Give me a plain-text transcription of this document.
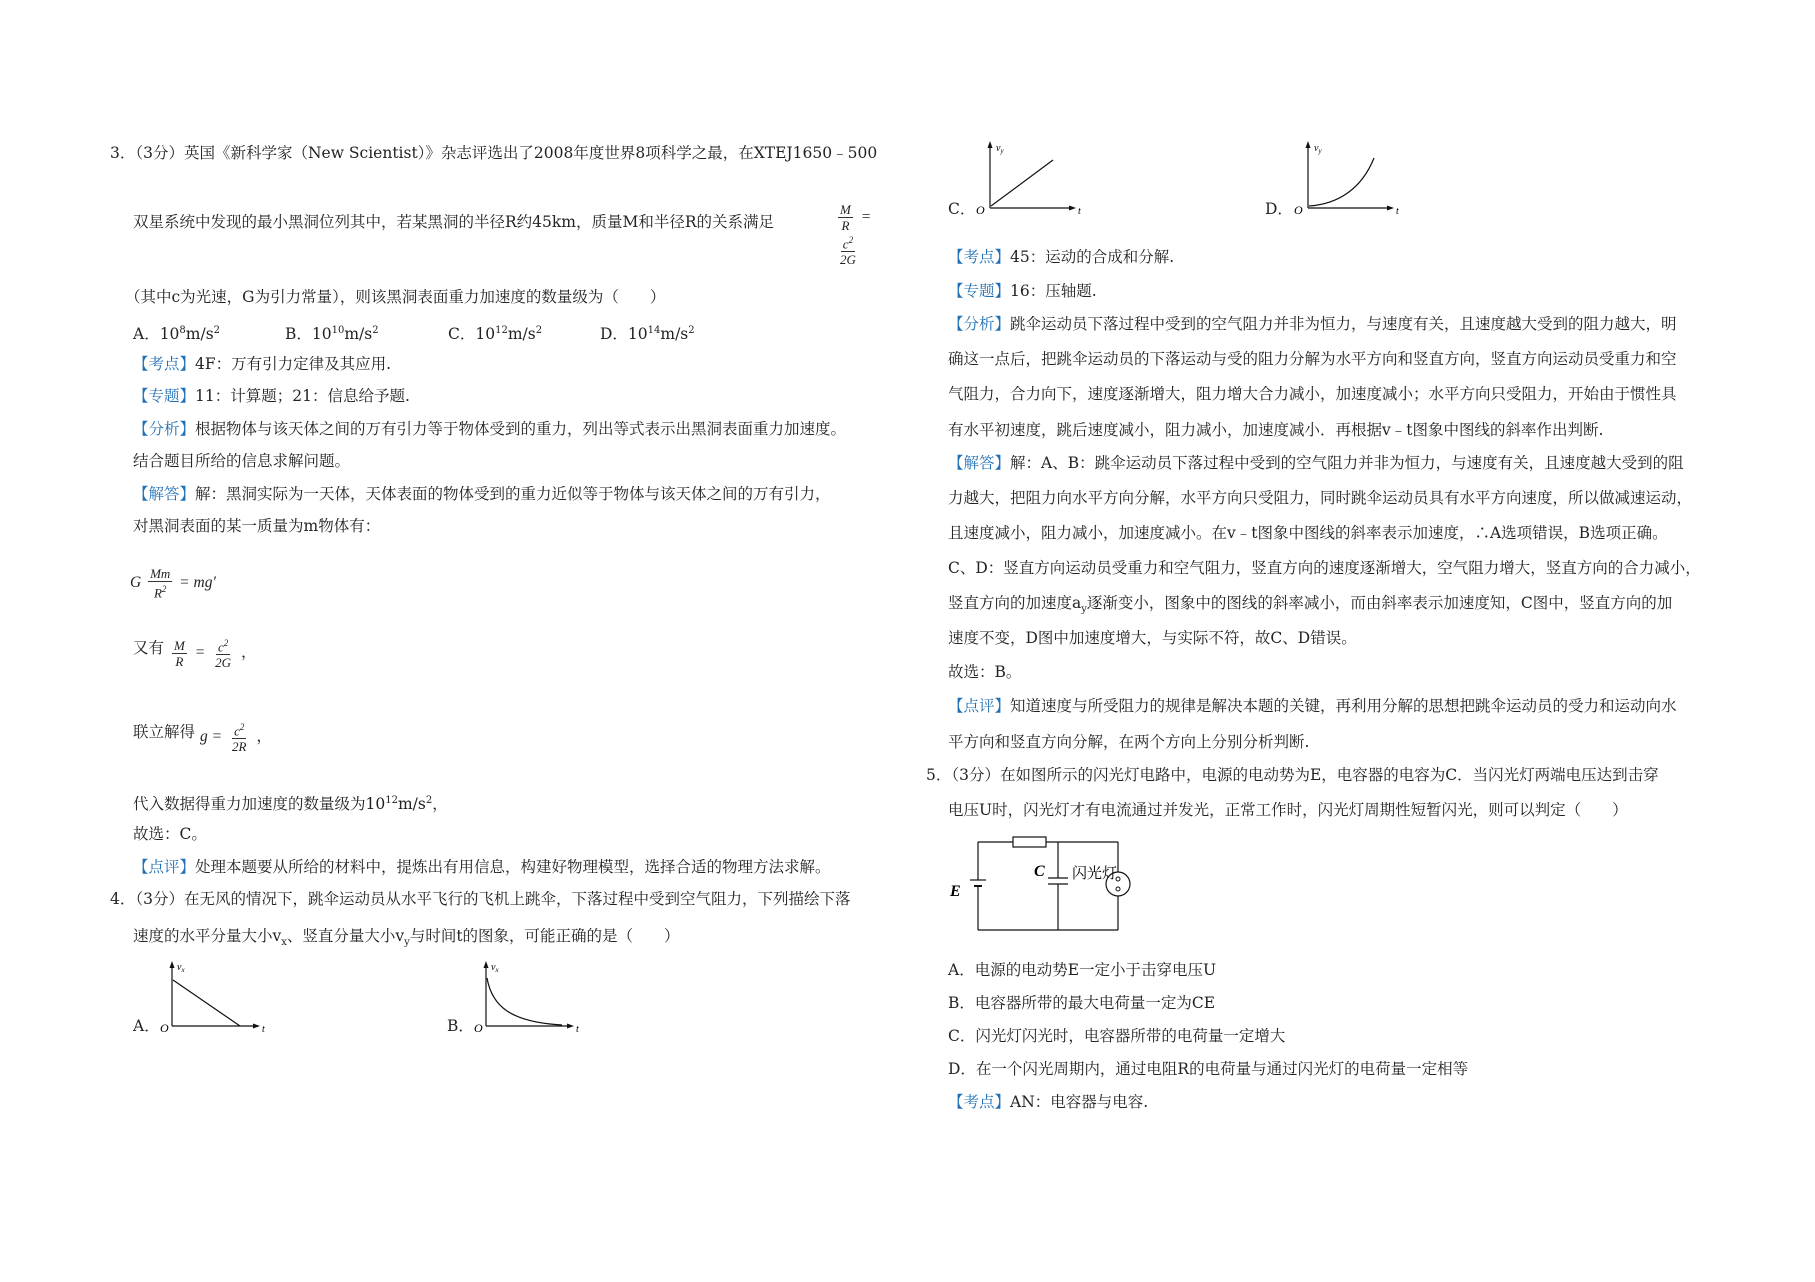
3．（3分）英国《新科学家（New Scientist）》杂志评选出了2008年度世界8项科学之最，在XTEJ1650﹣500
双星系统中发现的最小黑洞位列其中，若某黑洞的半径R约45km，质量M和半径R的关系满足	$\frac{M}{R}$ =
$\frac{c^2}{2G}$
（其中c为光速，G为引力常量），则该黑洞表面重力加速度的数量级为（　　）
A．$10^8m/s^2$	B．$10^{10}m/s^2$	C．$10^{12}m/s^2$	D．$10^{14}m/s^2$
【考点】4F：万有引力定律及其应用.
【专题】11：计算题；21：信息给予题.
【分析】根据物体与该天体之间的万有引力等于物体受到的重力，列出等式表示出黑洞表面重力加速度。
结合题目所给的信息求解问题。
【解答】解：黑洞实际为一天体，天体表面的物体受到的重力近似等于物体与该天体之间的万有引力，
对黑洞表面的某一质量为m物体有：
G $\frac{Mm}{R^2} = mg'$
又有 $\frac{M}{R} = \frac{c^2}{2G}$ ，
联立解得 $g = \frac{c^2}{2R}$ ，
代入数据得重力加速度的数量级为$10^{12}m/s^2$，
故选：C。
【点评】处理本题要从所给的材料中，提炼出有用信息，构建好物理模型，选择合适的物理方法求解。
4．（3分）在无风的情况下，跳伞运动员从水平飞行的飞机上跳伞，下落过程中受到空气阻力，下列描绘下落
速度的水平分量大小$v_x$、竖直分量大小$v_y$与时间t的图象，可能正确的是（　　）
A．
$v_x$
O	t	B．
$v_x$
O	t
C．
$v_y$
O	t	D．
$v_y$
O	t
【考点】45：运动的合成和分解.
【专题】16：压轴题.
【分析】跳伞运动员下落过程中受到的空气阻力并非为恒力，与速度有关，且速度越大受到的阻力越大，明
确这一点后，把跳伞运动员的下落运动与受的阻力分解为水平方向和竖直方向，竖直方向运动员受重力和空
气阻力，合力向下，速度逐渐增大，阻力增大合力减小，加速度减小；水平方向只受阻力，开始由于惯性具
有水平初速度，跳后速度减小，阻力减小，加速度减小．再根据v﹣t图象中图线的斜率作出判断.
【解答】解：A、B：跳伞运动员下落过程中受到的空气阻力并非为恒力，与速度有关，且速度越大受到的阻
力越大，把阻力向水平方向分解，水平方向只受阻力，同时跳伞运动员具有水平方向速度，所以做减速运动，
且速度减小，阻力减小，加速度减小。在v﹣t图象中图线的斜率表示加速度，∴A选项错误，B选项正确。
C、D：竖直方向运动员受重力和空气阻力，竖直方向的速度逐渐增大，空气阻力增大，竖直方向的合力减小，
竖直方向的加速度$a_y$逐渐变小，图象中的图线的斜率减小，而由斜率表示加速度知，C图中，竖直方向的加
速度不变，D图中加速度增大，与实际不符，故C、D错误。
故选：B。
【点评】知道速度与所受阻力的规律是解决本题的关键，再利用分解的思想把跳伞运动员的受力和运动向水
平方向和竖直方向分解，在两个方向上分别分析判断.
5．（3分）在如图所示的闪光灯电路中，电源的电动势为E，电容器的电容为C．当闪光灯两端电压达到击穿
电压U时，闪光灯才有电流通过并发光，正常工作时，闪光灯周期性短暂闪光，则可以判定（　　）
E
C 闪光灯
A．电源的电动势E一定小于击穿电压U
B．电容器所带的最大电荷量一定为CE
C．闪光灯闪光时，电容器所带的电荷量一定增大
D．在一个闪光周期内，通过电阻R的电荷量与通过闪光灯的电荷量一定相等
【考点】AN：电容器与电容.
